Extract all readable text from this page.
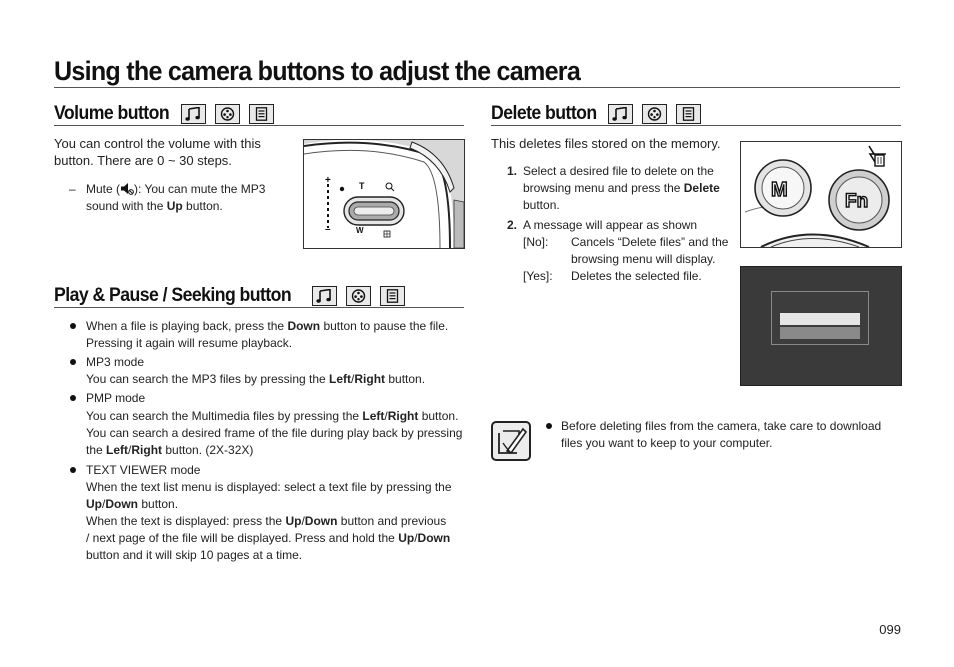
Using the camera buttons to adjust the camera
Volume button
You can control the volume with this
button. There are 0 ~ 30 steps.
– Mute ( ): You can mute the MP3
sound with the Up button.
+
–
T
W
Play & Pause / Seeking button
When a file is playing back, press the Down button to pause the file.
Pressing it again will resume playback.
MP3 mode
You can search the MP3 files by pressing the Left/Right button.
PMP mode
You can search the Multimedia files by pressing the Left/Right button.
You can search a desired frame of the file during play back by pressing
the Left/Right button. (2X-32X)
TEXT VIEWER mode
When the text list menu is displayed: select a text file by pressing the
Up/Down button.
When the text is displayed: press the Up/Down button and previous
/ next page of the file will be displayed. Press and hold the Up/Down
button and it will skip 10 pages at a time.
Delete button
This deletes files stored on the memory.
1. Select a desired file to delete on the
browsing menu and press the Delete
button.
2. A message will appear as shown
[No]: Cancels “Delete files” and the
browsing menu will display.
[Yes]: Deletes the selected file.
M
Fn
Before deleting files from the camera, take care to download
files you want to keep to your computer.
099
